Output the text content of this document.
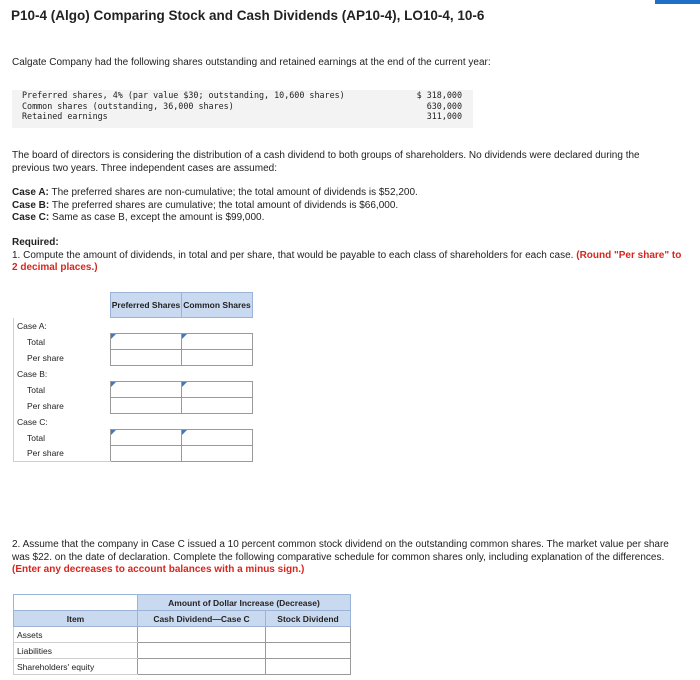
P10-4 (Algo) Comparing Stock and Cash Dividends (AP10-4), LO10-4, 10-6
Calgate Company had the following shares outstanding and retained earnings at the end of the current year:
Preferred shares, 4% (par value $30; outstanding, 10,600 shares)	$ 318,000
Common shares (outstanding, 36,000 shares)	630,000
Retained earnings	311,000
The board of directors is considering the distribution of a cash dividend to both groups of shareholders. No dividends were declared during the previous two years. Three independent cases are assumed:
Case A: The preferred shares are non-cumulative; the total amount of dividends is $52,200.
Case B: The preferred shares are cumulative; the total amount of dividends is $66,000.
Case C: Same as case B, except the amount is $99,000.
Required:
1. Compute the amount of dividends, in total and per share, that would be payable to each class of shareholders for each case. (Round "Per share" to 2 decimal places.)
	Preferred Shares	Common Shares
Case A:		
Total	

Per share		
Case B:		
Total	

Per share		
Case C:		
Total	

Per share		
2. Assume that the company in Case C issued a 10 percent common stock dividend on the outstanding common shares. The market value per share was $22. on the date of declaration. Complete the following comparative schedule for common shares only, including explanation of the differences. (Enter any decreases to account balances with a minus sign.)
	Amount of Dollar Increase (Decrease)	
Item	Cash Dividend—Case C	Stock Dividend
Assets		
Liabilities		
Shareholders' equity		
